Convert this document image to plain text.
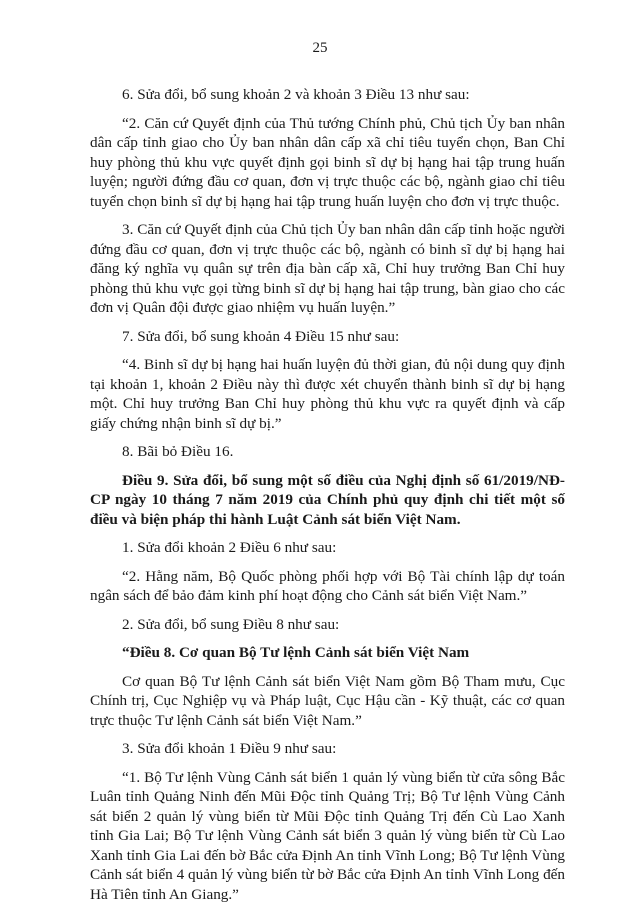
25

6. Sửa đổi, bổ sung khoản 2 và khoản 3 Điều 13 như sau:

“2. Căn cứ Quyết định của Thủ tướng Chính phủ, Chủ tịch Ủy ban nhân dân cấp tỉnh giao cho Ủy ban nhân dân cấp xã chỉ tiêu tuyển chọn, Ban Chỉ huy phòng thủ khu vực quyết định gọi binh sĩ dự bị hạng hai tập trung huấn luyện; người đứng đầu cơ quan, đơn vị trực thuộc các bộ, ngành giao chỉ tiêu tuyển chọn binh sĩ dự bị hạng hai tập trung huấn luyện cho đơn vị trực thuộc.

3. Căn cứ Quyết định của Chủ tịch Ủy ban nhân dân cấp tỉnh hoặc người đứng đầu cơ quan, đơn vị trực thuộc các bộ, ngành có binh sĩ dự bị hạng hai đăng ký nghĩa vụ quân sự trên địa bàn cấp xã, Chỉ huy trưởng Ban Chỉ huy phòng thủ khu vực gọi từng binh sĩ dự bị hạng hai tập trung, bàn giao cho các đơn vị Quân đội được giao nhiệm vụ huấn luyện.”

7. Sửa đổi, bổ sung khoản 4 Điều 15 như sau:

“4. Binh sĩ dự bị hạng hai huấn luyện đủ thời gian, đủ nội dung quy định tại khoản 1, khoản 2 Điều này thì được xét chuyển thành binh sĩ dự bị hạng một. Chỉ huy trưởng Ban Chỉ huy phòng thủ khu vực ra quyết định và cấp giấy chứng nhận binh sĩ dự bị.”

8. Bãi bỏ Điều 16.

Điều 9. Sửa đổi, bổ sung một số điều của Nghị định số 61/2019/NĐ-CP ngày 10 tháng 7 năm 2019 của Chính phủ quy định chi tiết một số điều và biện pháp thi hành Luật Cảnh sát biển Việt Nam.

1. Sửa đổi khoản 2 Điều 6 như sau:

“2. Hằng năm, Bộ Quốc phòng phối hợp với Bộ Tài chính lập dự toán ngân sách để bảo đảm kinh phí hoạt động cho Cảnh sát biển Việt Nam.”

2. Sửa đổi, bổ sung Điều 8 như sau:

“Điều 8. Cơ quan Bộ Tư lệnh Cảnh sát biển Việt Nam

Cơ quan Bộ Tư lệnh Cảnh sát biển Việt Nam gồm Bộ Tham mưu, Cục Chính trị, Cục Nghiệp vụ và Pháp luật, Cục Hậu cần - Kỹ thuật, các cơ quan trực thuộc Tư lệnh Cảnh sát biển Việt Nam.”

3. Sửa đổi khoản 1 Điều 9 như sau:

“1. Bộ Tư lệnh Vùng Cảnh sát biển 1 quản lý vùng biển từ cửa sông Bắc Luân tỉnh Quảng Ninh đến Mũi Độc tỉnh Quảng Trị; Bộ Tư lệnh Vùng Cảnh sát biển 2 quản lý vùng biển từ Mũi Độc tỉnh Quảng Trị đến Cù Lao Xanh tỉnh Gia Lai; Bộ Tư lệnh Vùng Cảnh sát biển 3 quản lý vùng biển từ Cù Lao Xanh tỉnh Gia Lai đến bờ Bắc cửa Định An tỉnh Vĩnh Long; Bộ Tư lệnh Vùng Cảnh sát biển 4 quản lý vùng biển từ bờ Bắc cửa Định An tỉnh Vĩnh Long đến Hà Tiên tỉnh An Giang.”
